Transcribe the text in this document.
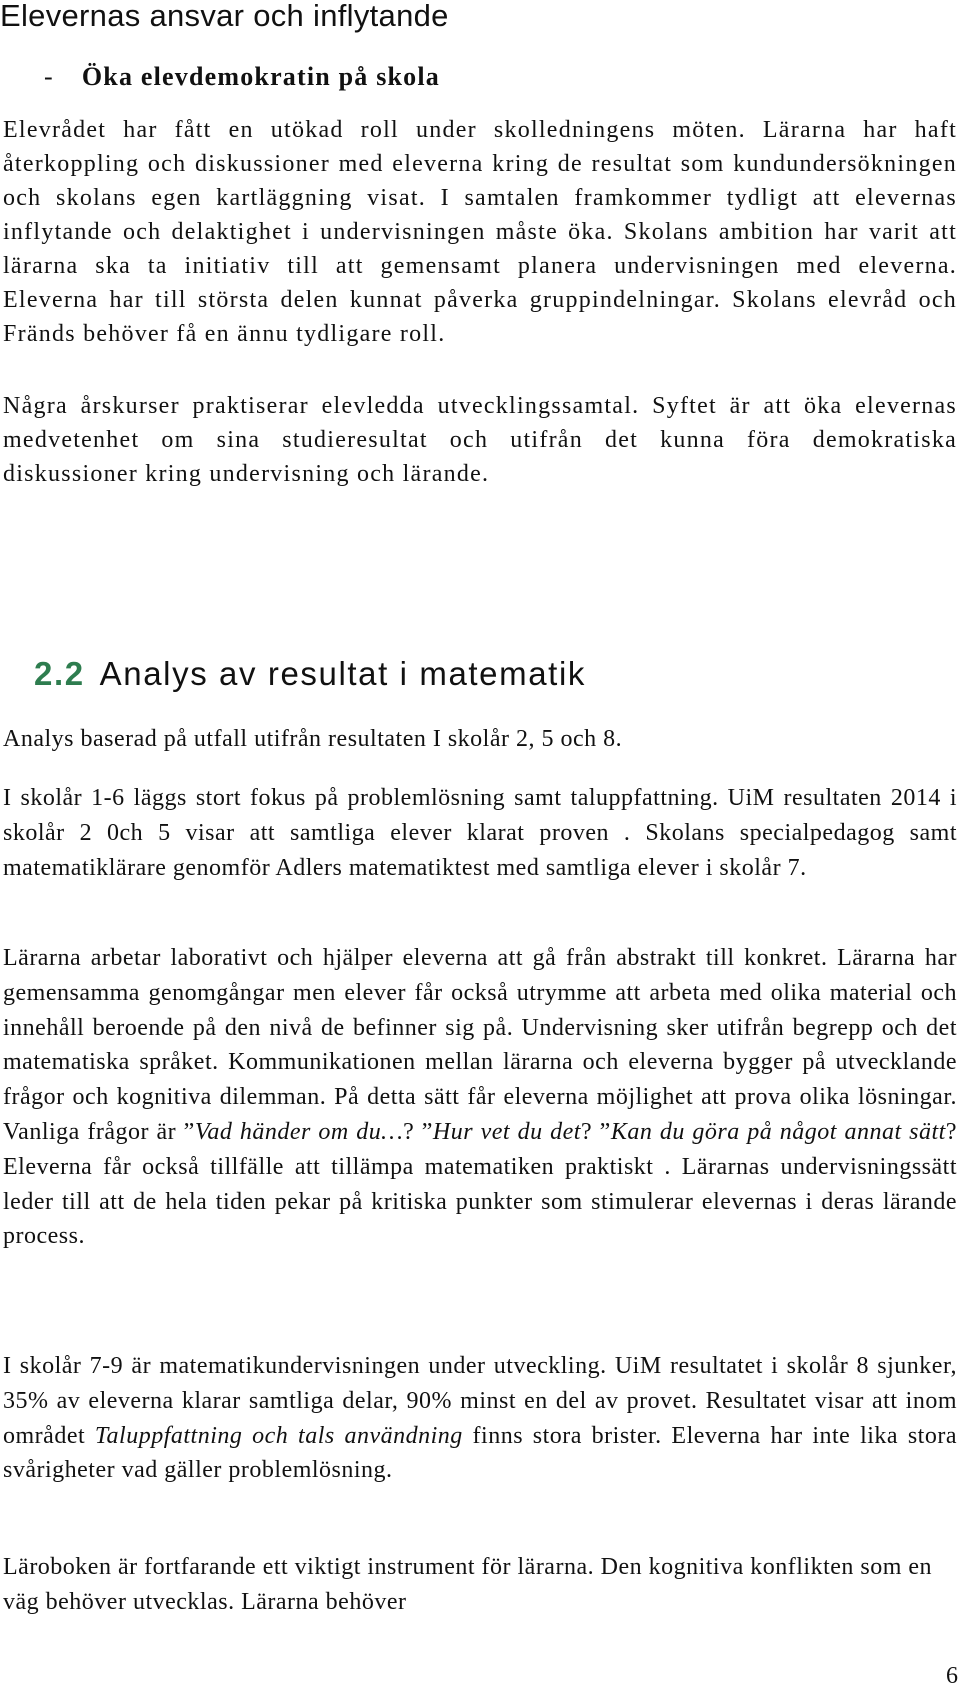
Elevernas ansvar och inflytande
- Öka elevdemokratin på skola

Elevrådet har fått en utökad roll under skolledningens möten. Lärarna har haft återkoppling och diskussioner med eleverna kring de resultat som kundundersökningen och skolans egen kartläggning visat. I samtalen framkommer tydligt att elevernas inflytande och delaktighet i undervisningen måste öka. Skolans ambition har varit att lärarna ska ta initiativ till att gemensamt planera undervisningen med eleverna. Eleverna har till största delen kunnat påverka gruppindelningar. Skolans elevråd och Fränds behöver få en ännu tydligare roll.

Några årskurser praktiserar elevledda utvecklingssamtal. Syftet är att öka elevernas medvetenhet om sina studieresultat och utifrån det kunna föra demokratiska diskussioner kring undervisning och lärande.

2.2 Analys av resultat i matematik

Analys baserad på utfall utifrån resultaten I skolår 2, 5 och 8.

I skolår 1-6 läggs stort fokus på problemlösning samt taluppfattning. UiM resultaten 2014 i skolår 2 0ch 5 visar att samtliga elever klarat proven . Skolans specialpedagog samt matematiklärare genomför Adlers matematiktest med samtliga elever i skolår 7.

Lärarna arbetar laborativt och hjälper eleverna att gå från abstrakt till konkret. Lärarna har gemensamma genomgångar men elever får också utrymme att arbeta med olika material och innehåll beroende på den nivå de befinner sig på. Undervisning sker utifrån begrepp och det matematiska språket. Kommunikationen mellan lärarna och eleverna bygger på utvecklande frågor och kognitiva dilemman. På detta sätt får eleverna möjlighet att prova olika lösningar. Vanliga frågor är ”Vad händer om du…? ”Hur vet du det? ”Kan du göra på något annat sätt? Eleverna får också tillfälle att tillämpa matematiken praktiskt . Lärarnas undervisningssätt leder till att de hela tiden pekar på kritiska punkter som stimulerar elevernas i deras lärande process.

I skolår 7-9 är matematikundervisningen under utveckling. UiM resultatet i skolår 8 sjunker, 35% av eleverna klarar samtliga delar, 90% minst en del av provet. Resultatet visar att inom området Taluppfattning och tals användning finns stora brister. Eleverna har inte lika stora svårigheter vad gäller problemlösning.

Läroboken är fortfarande ett viktigt instrument för lärarna. Den kognitiva konflikten som en väg behöver utvecklas. Lärarna behöver

6
